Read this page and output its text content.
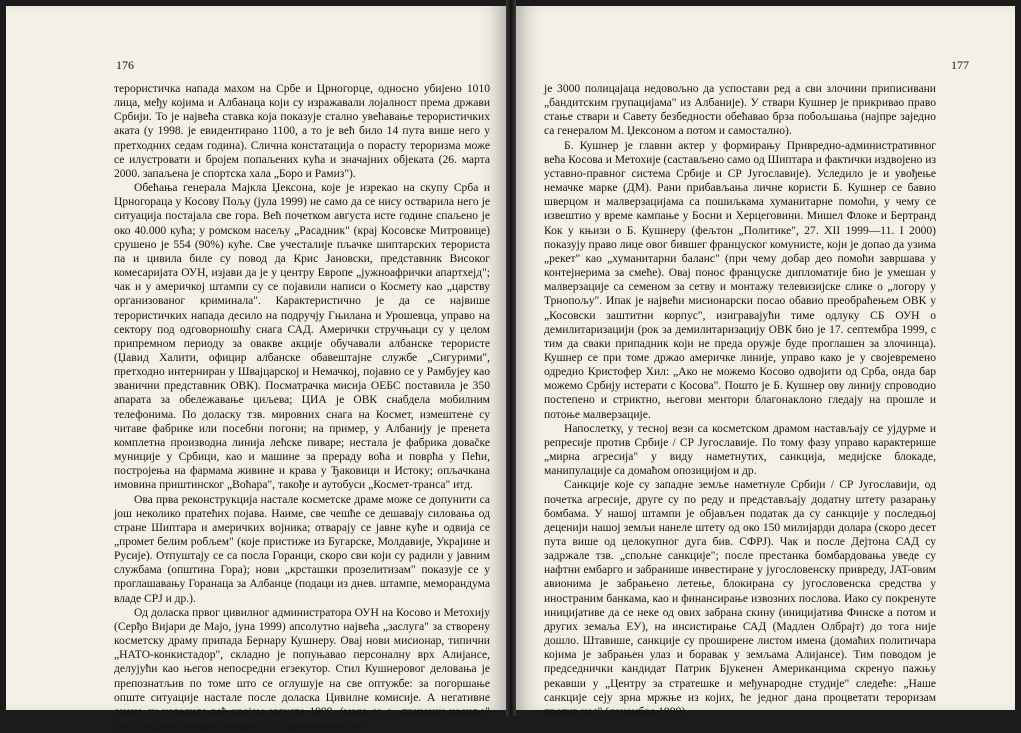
176

терористичка напада махом на Србе и Црногорце, односно убијено 1010 лица, међу којима и Албанаца који су изражавали лојалност према држави Србији. То је највећа ставка која показује стално увећавање терористичких аката (у 1998. је евидентирано 1100, а то је већ било 14 пута више него у претходних седам година). Слична констатација о порасту тероризма може се илустровати и бројем попаљених кућа и значајних објеката (26. марта 2000. запаљена је спортска хала „Боро и Рамиз").

Обећања генерала Мајкла Џексона, које је изрекао на скупу Срба и Црногораца у Косову Пољу (јула 1999) не само да се нису остварила него је ситуација постајала све гора. Већ почетком августа исте године спаљено је око 40.000 кућа; у ромском насељу „Расадник" (крај Косовске Митровице) срушено је 554 (90%) куће. Све учесталије пљачке шиптарских терориста па и цивила биле су повод да Крис Јановски, представник Високог комесаријата ОУН, изјави да је у центру Европе „јужноафрички апартхејд"; чак и у америчкој штампи су се појавили написи о Космету као „царству организованог криминала". Карактеристично је да се највише терористичких напада десило на подручју Гњилана и Урошевца, управо на сектору под одговорношћу снага САД. Амерички стручњаци су у целом припремном периоду за овакве акције обучавали албанске терористе (Џавид Халити, официр албанске обавештајне службе „Сигурими", претходно интерниран у Швајцарској и Немачкој, појавио се у Рамбујеу као званични представник ОВК). Посматрачка мисија ОЕБС поставила је 350 апарата за обележавање циљева; ЦИА је ОВК снабдела мобилним телефонима. По доласку тзв. мировних снага на Космет, измештене су читаве фабрике или посебни погони; на пример, у Албанију је пренета комплетна производна линија лећске пиваре; нестала је фабрика доваčке муниције у Србици, као и машине за прераду воћа и поврћа у Пећи, постројења на фармама живине и крава у Ђаковици и Истоку; опљачкана имовина приштинског „Воћара", такође и аутобуси „Космет-транса" итд.

Ова прва реконструкција настале косметске драме може се допунити са још неколико пратећих појава. Наиме, све чешће се дешавају силовања од стране Шиптара и америчких војника; отварају се јавне куће и одвија се „промет белим робљем" (које пристиже из Бугарске, Молдавије, Украјине и Русије). Отпуштају се са посла Горанци, скоро сви који су радили у јавним службама (општина Гора); нови „крсташки прозелитизам" показује се у проглашавању Горанаца за Албанце (подаци из днев. штампе, меморандума владе СРЈ и др.).

Од доласка првог цивилног администратора ОУН на Косово и Метохију (Серђо Вијари де Мајо, јуна 1999) апсолутно највећа „заслуга" за створену косметску драму припада Бернару Кушнеру. Овај нови мисионар, типични „НАТО-конкистадор", складно је попуњавао персоналну врх Алијансе, делујући као његов непосредни егзекутор. Стил Кушнеровог деловања је препознатљив по томе што се оглушује на све оптужбе: за погоршање опште ситуације настале после доласка Цивилне комисије. А негативне оцене су уследиле већ крајем августа 1999. (мада се о „примени насиља" још говорило неодређенирано, с образложењем да

177

је 3000 полицајаца недовољно да успостави ред а сви злочини приписивани „бандитским групацијама" из Албаније). У ствари Кушнер је прикривао право стање ствари и Савету безбедности обећавао брза побољшања (најпре заједно са генералом М. Џексоном а потом и самостално).

Б. Кушнер је главни актер у формирању Привредно-административног већа Косова и Метохије (састављено само од Шиптара и фактички издвојено из уставно-правног система Србије и СР Југославије). Уследило је и увођење немачке марке (ДМ). Рани прибављања личне користи Б. Кушнер се бавио шверцом и малверзацијама са пошиљкама хуманитарне помоћи, у чему се извештио у време кампање у Босни и Херцеговини. Мишел Флоке и Бертранд Кок у књизи о Б. Кушнеру (фељтон „Политике", 27. XII 1999—11. I 2000) показују право лице овог бившег француског комунисте, који је допао да узима „рекет" као „хуманитарни баланс" (при чему добар део помоћи завршава у контејнерима за смеће). Овај понос француске дипломатије био је умешан у малверзације са семеном за сетву и монтажу телевизијске слике о „логору у Трнопољу". Ипак је највећи мисионарски посао обавио преобраћењем ОВК у „Косовски заштитни корпус", изигравајући тиме одлуку СБ ОУН о демилитаризацији (рок за демилитаризацију ОВК био је 17. септембра 1999, с тим да сваки припадник који не преда оружје буде проглашен за злочинца). Кушнер се при томе држао америчке линије, управо како је у својевремено одредио Кристофер Хил: „Ако не можемо Косово одвојити од Срба, онда бар можемо Србију истерати с Косова". Пошто је Б. Кушнер ову линију спроводио постепено и стриктно, његови ментори благонаклоно гледају на прошле и потоње малверзације.

Напослетку, у тесној вези са косметском драмом настављају се ујдурме и репресије против Србије / СР Југославије. По тому фазу управо карактерише „мирна агресија" у виду наметнутих, санкција, медијске блокаде, манипулације са домаћом опозицијом и др.

Санкције које су западне земље наметнуле Србији / СР Југославији, од почетка агресије, друге су по реду и представљају додатну штету разарању бомбама. У нашој штампи је објављен податак да су санкције у последњој деценији нашој земљи нанеле штету од око 150 милијарди долара (скоро десет пута више од целокупног дуга бив. СФРЈ). Чак и после Дејтона САД су задржале тзв. „спољне санкције"; после престанка бомбардовања уведе су нафтни ембарго и забранише инвестиране у југословенску привреду, JAT-овим авионима је забрањено летење, блокирана су југословенска средства у иностраним банкама, као и финансирање извозних послова. Иако су покренуте иницијативе да се неке од ових забрана скину (иницијатива Финске а потом и других земаља ЕУ), на инсистирање САД (Мадлен Олбрајт) до тога није дошло. Штавише, санкције су проширене листом имена (домаћих политичара којима је забрањен улаз и боравак у земљама Алијансе). Тим поводом је председнички кандидат Патрик Бјукенен Американцима скренуо пажњу рекавши у „Центру за стратешке и међународне студије" следеће: „Наше санкције сеју зрна мржње из којих, ће једног дана процветати тероризам против нас" (децембра 1999).
